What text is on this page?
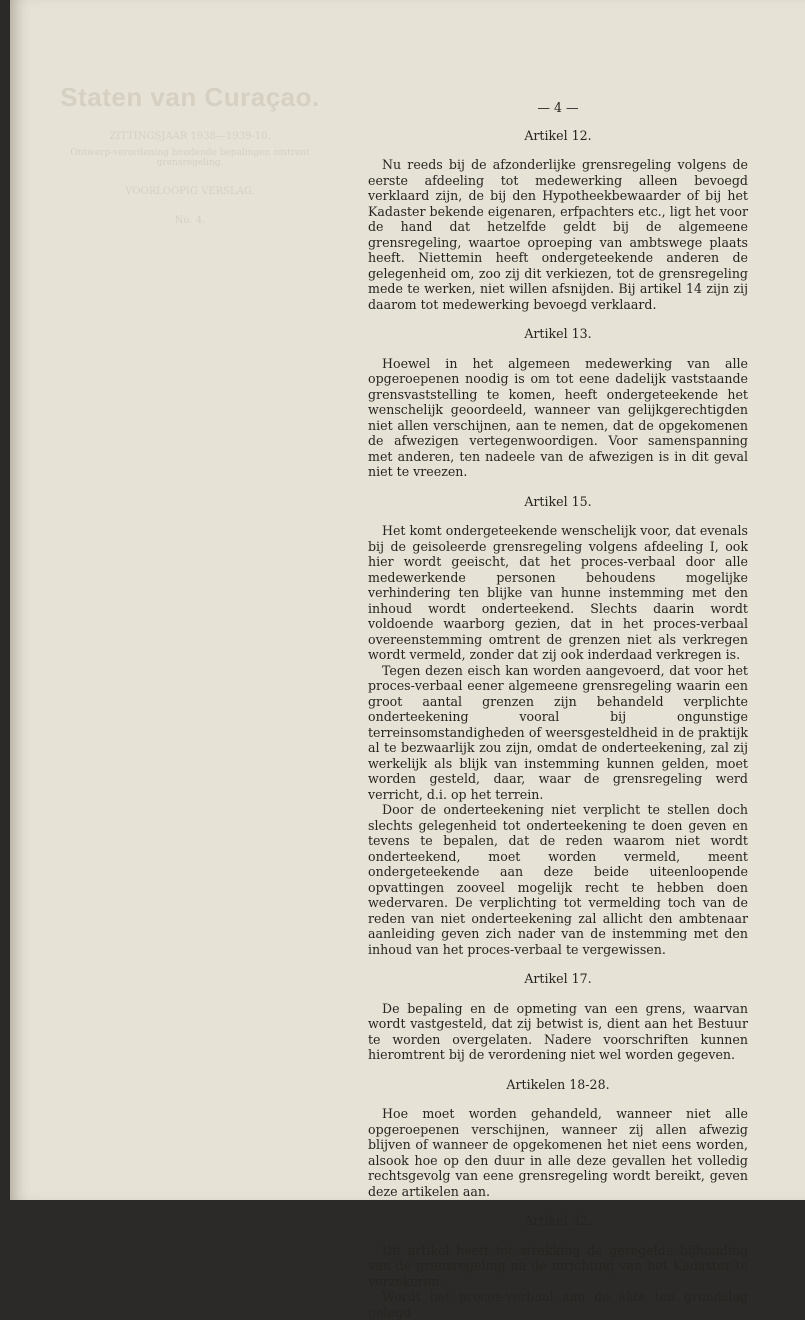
Staten van Curaçao.
ZITTINGSJAAR 1938—1939-10.
Ontwerp-verordening houdende bepalingen omtrent grensregeling.
VOORLOOPIG VERSLAG.
No. 4.
— 4 —
Artikel 12.

Nu reeds bij de afzonderlijke grensregeling volgens de eerste afdeeling tot medewerking alleen bevoegd verklaard zijn, de bij den Hypotheekbewaarder of bij het Kadaster bekende eigenaren, erfpachters etc., ligt het voor de hand dat hetzelfde geldt bij de algemeene grensregeling, waartoe oproeping van ambtswege plaats heeft. Niettemin heeft ondergeteekende anderen de gelegenheid om, zoo zij dit verkiezen, tot de grensregeling mede te werken, niet willen afsnijden. Bij artikel 14 zijn zij daarom tot medewerking bevoegd verklaard.

Artikel 13.

Hoewel in het algemeen medewerking van alle opgeroepenen noodig is om tot eene dadelijk vaststaande grensvaststelling te komen, heeft ondergeteekende het wenschelijk geoordeeld, wanneer van gelijkgerechtigden niet allen verschijnen, aan te nemen, dat de opgekomenen de afwezigen vertegenwoordigen. Voor samenspanning met anderen, ten nadeele van de afwezigen is in dit geval niet te vreezen.

Artikel 15.

Het komt ondergeteekende wenschelijk voor, dat evenals bij de geisoleerde grensregeling volgens afdeeling I, ook hier wordt geeischt, dat het proces-verbaal door alle medewerkende personen behoudens mogelijke verhindering ten blijke van hunne instemming met den inhoud wordt onderteekend. Slechts daarin wordt voldoende waarborg gezien, dat in het proces-verbaal overeenstemming omtrent de grenzen niet als verkregen wordt vermeld, zonder dat zij ook inderdaad verkregen is.

Tegen dezen eisch kan worden aangevoerd, dat voor het proces-verbaal eener algemeene grensregeling waarin een groot aantal grenzen zijn behandeld verplichte onderteekening vooral bij ongunstige terreinsomstandigheden of weersgesteldheid in de praktijk al te bezwaarlijk zou zijn, omdat de onderteekening, zal zij werkelijk als blijk van instemming kunnen gelden, moet worden gesteld, daar, waar de grensregeling werd verricht, d.i. op het terrein.

Door de onderteekening niet verplicht te stellen doch slechts gelegenheid tot onderteekening te doen geven en tevens te bepalen, dat de reden waarom niet wordt onderteekend, moet worden vermeld, meent ondergeteekende aan deze beide uiteenloopende opvattingen zooveel mogelijk recht te hebben doen wedervaren. De verplichting tot vermelding toch van de reden van niet onderteekening zal allicht den ambtenaar aanleiding geven zich nader van de instemming met den inhoud van het proces-verbaal te vergewissen.

Artikel 17.

De bepaling en de opmeting van een grens, waarvan wordt vastgesteld, dat zij betwist is, dient aan het Bestuur te worden overgelaten. Nadere voorschriften kunnen hieromtrent bij de verordening niet wel worden gegeven.

Artikelen 18-28.

Hoe moet worden gehandeld, wanneer niet alle opgeroepenen verschijnen, wanneer zij allen afwezig blijven of wanneer de opgekomenen het niet eens worden, alsook hoe op den duur in alle deze gevallen het volledig rechtsgevolg van eene grensregeling wordt bereikt, geven deze artikelen aan.

Artikel 32.

Dit artikel heeft tot strekking de geregelde bijhouding van de grensregeling na de inrichting van het Kadaster te verzekeren.

Wordt het proces-verbaal aan de akte ten grondslag gelegd
